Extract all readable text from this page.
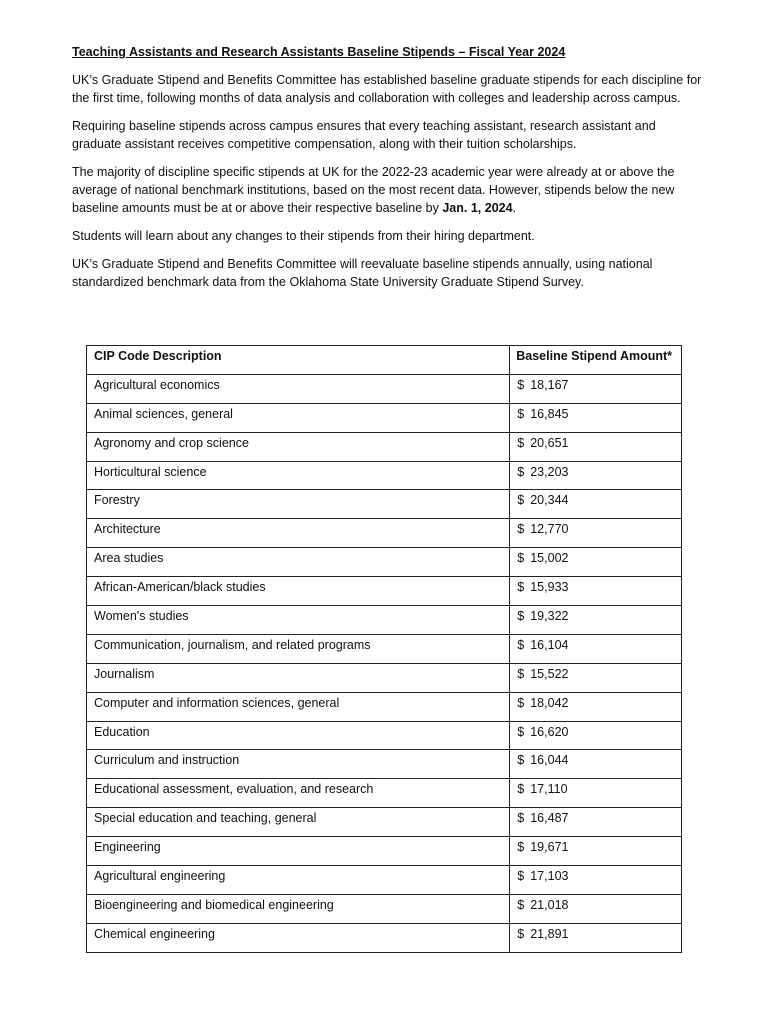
Teaching Assistants and Research Assistants Baseline Stipends – Fiscal Year 2024

UK’s Graduate Stipend and Benefits Committee has established baseline graduate stipends for each discipline for the first time, following months of data analysis and collaboration with colleges and leadership across campus.

Requiring baseline stipends across campus ensures that every teaching assistant, research assistant and graduate assistant receives competitive compensation, along with their tuition scholarships.

The majority of discipline specific stipends at UK for the 2022-23 academic year were already at or above the average of national benchmark institutions, based on the most recent data. However, stipends below the new baseline amounts must be at or above their respective baseline by Jan. 1, 2024.

Students will learn about any changes to their stipends from their hiring department.

UK’s Graduate Stipend and Benefits Committee will reevaluate baseline stipends annually, using national standardized benchmark data from the Oklahoma State University Graduate Stipend Survey.

CIP Code Description	Baseline Stipend Amount*
Agricultural economics	$ 18,167
Animal sciences, general	$ 16,845
Agronomy and crop science	$ 20,651
Horticultural science	$ 23,203
Forestry	$ 20,344
Architecture	$ 12,770
Area studies	$ 15,002
African-American/black studies	$ 15,933
Women's studies	$ 19,322
Communication, journalism, and related programs	$ 16,104
Journalism	$ 15,522
Computer and information sciences, general	$ 18,042
Education	$ 16,620
Curriculum and instruction	$ 16,044
Educational assessment, evaluation, and research	$ 17,110
Special education and teaching, general	$ 16,487
Engineering	$ 19,671
Agricultural engineering	$ 17,103
Bioengineering and biomedical engineering	$ 21,018
Chemical engineering	$ 21,891
